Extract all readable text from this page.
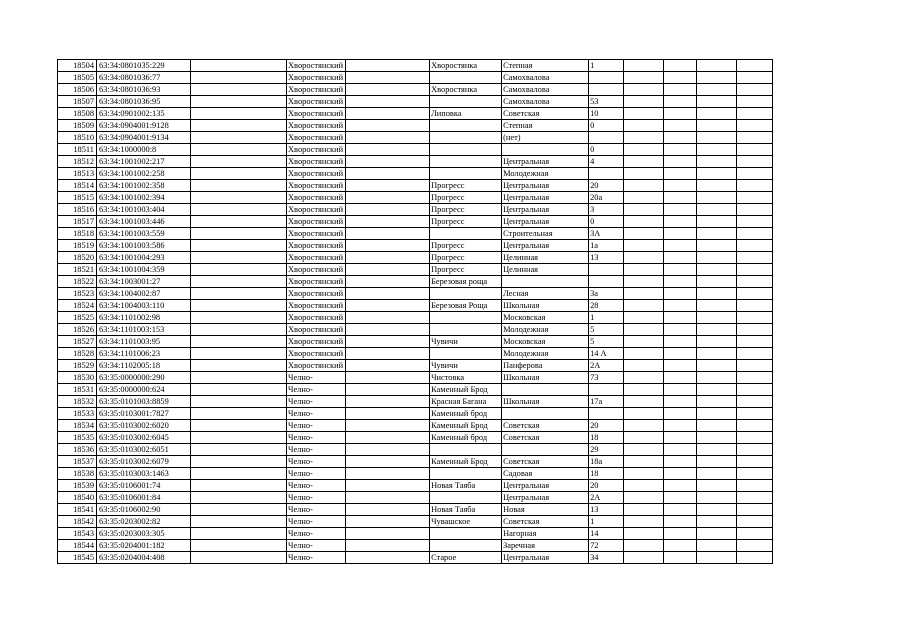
18504	63:34:0801035:229		Хворостянский		Хворостянка	Степная	1				
18505	63:34:0801036:77		Хворостянский			Самохвалова					
18506	63:34:0801036:93		Хворостянский		Хворостянка	Самохвалова					
18507	63:34:0801036:95		Хворостянский			Самохвалова	53				
18508	63:34:0901002:135		Хворостянский		Липовка	Советская	10				
18509	63:34:0904001:9128		Хворостянский			Степная	0				
18510	63:34:0904001:9134		Хворостянский			(нет)					
18511	63:34:1000000:8		Хворостянский				0				
18512	63:34:1001002:217		Хворостянский			Центральная	4				
18513	63:34:1001002:258		Хворостянский			Молодежная					
18514	63:34:1001002:358		Хворостянский		Прогресс	Центральная	20				
18515	63:34:1001002:394		Хворостянский		Прогресс	Центральная	20а				
18516	63:34:1001003:404		Хворостянский		Прогресс	Центральная	3				
18517	63:34:1001003:446		Хворостянский		Прогресс	Центральная	0				
18518	63:34:1001003:559		Хворостянский			Строительная	3А				
18519	63:34:1001003:586		Хворостянский		Прогресс	Центральная	1а				
18520	63:34:1001004:293		Хворостянский		Прогресс	Целинная	13				
18521	63:34:1001004:359		Хворостянский		Прогресс	Целинная					
18522	63:34:1003001:27		Хворостянский		Березовая роща						
18523	63:34:1004002:87		Хворостянский			Лесная	3а				
18524	63:34:1004003:110		Хворостянский		Березовая Роща	Школьная	28				
18525	63:34:1101002:98		Хворостянский			Московская	1				
18526	63:34:1101003:153		Хворостянский			Молодежная	5				
18527	63:34:1101003:95		Хворостянский		Чувичи	Московская	5				
18528	63:34:1101006:23		Хворостянский			Молодежная	14 А				
18529	63:34:1102005:18		Хворостянский		Чувичи	Панферова	2А				
18530	63:35:0000000:290		Челно-		Чистовка	Школьная	73				
18531	63:35:0000000:624		Челно-		Каменный Брод						
18532	63:35:0101003:8859		Челно-		Красная Багана	Школьная	17а				
18533	63:35:0103001:7827		Челно-		Каменный брод						
18534	63:35:0103002:6020		Челно-		Каменный Брод	Советская	20				
18535	63:35:0103002:6045		Челно-		Каменный брод	Советская	18				
18536	63:35:0103002:6051		Челно-				29				
18537	63:35:0103002:6079		Челно-		Каменный Брод	Советская	18а				
18538	63:35:0103003:1463		Челно-			Садовая	18				
18539	63:35:0106001:74		Челно-		Новая Таяба	Центральная	20				
18540	63:35:0106001:84		Челно-			Центральная	2А				
18541	63:35:0106002:90		Челно-		Новая Таяба	Новая	13				
18542	63:35:0203002:82		Челно-		Чувашское	Советская	1				
18543	63:35:0203003:305		Челно-			Нагорная	14				
18544	63:35:0204001:182		Челно-			Заречная	72				
18545	63:35:0204004:408		Челно-		Старое	Центральная	34				
